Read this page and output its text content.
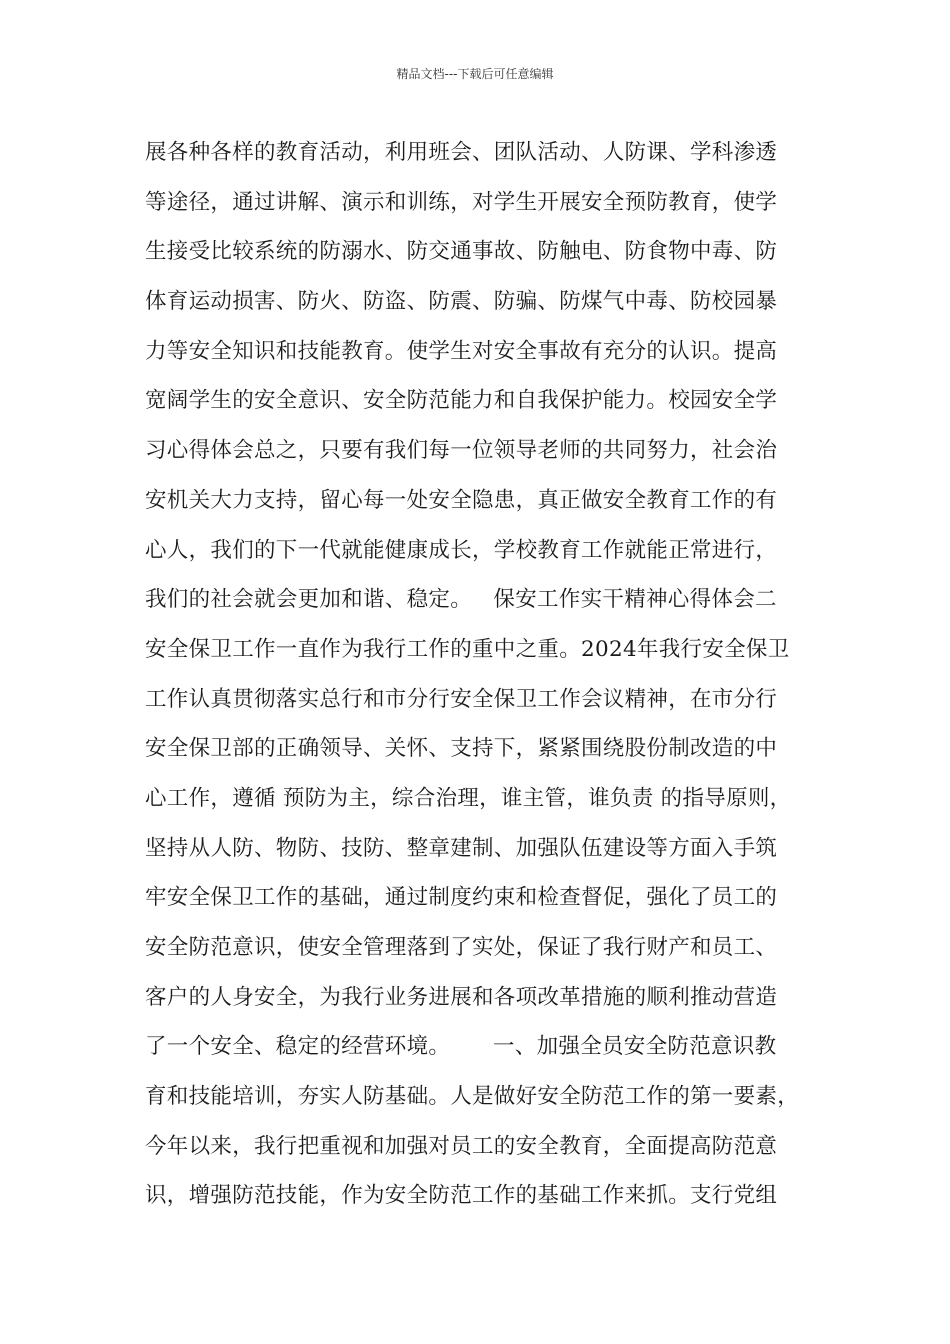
精品文档---下载后可任意编辑
展各种各样的教育活动，利用班会、团队活动、人防课、学科渗透
等途径，通过讲解、演示和训练，对学生开展安全预防教育，使学
生接受比较系统的防溺水、防交通事故、防触电、防食物中毒、防
体育运动损害、防火、防盗、防震、防骗、防煤气中毒、防校园暴
力等安全知识和技能教育。使学生对安全事故有充分的认识。提高
宽阔学生的安全意识、安全防范能力和自我保护能力。校园安全学
习心得体会总之，只要有我们每一位领导老师的共同努力，社会治
安机关大力支持，留心每一处安全隐患，真正做安全教育工作的有
心人，我们的下一代就能健康成长，学校教育工作就能正常进行，
我们的社会就会更加和谐、稳定。   保安工作实干精神心得体会二
安全保卫工作一直作为我行工作的重中之重。2024年我行安全保卫
工作认真贯彻落实总行和市分行安全保卫工作会议精神，在市分行
安全保卫部的正确领导、关怀、支持下，紧紧围绕股份制改造的中
心工作，遵循 预防为主，综合治理，谁主管，谁负责 的指导原则，
坚持从人防、物防、技防、整章建制、加强队伍建设等方面入手筑
牢安全保卫工作的基础，通过制度约束和检查督促，强化了员工的
安全防范意识，使安全管理落到了实处，保证了我行财产和员工、
客户的人身安全，为我行业务进展和各项改革措施的顺利推动营造
了一个安全、稳定的经营环境。      一、加强全员安全防范意识教
育和技能培训，夯实人防基础。人是做好安全防范工作的第一要素，
今年以来，我行把重视和加强对员工的安全教育，全面提高防范意
识，增强防范技能，作为安全防范工作的基础工作来抓。支行党组
